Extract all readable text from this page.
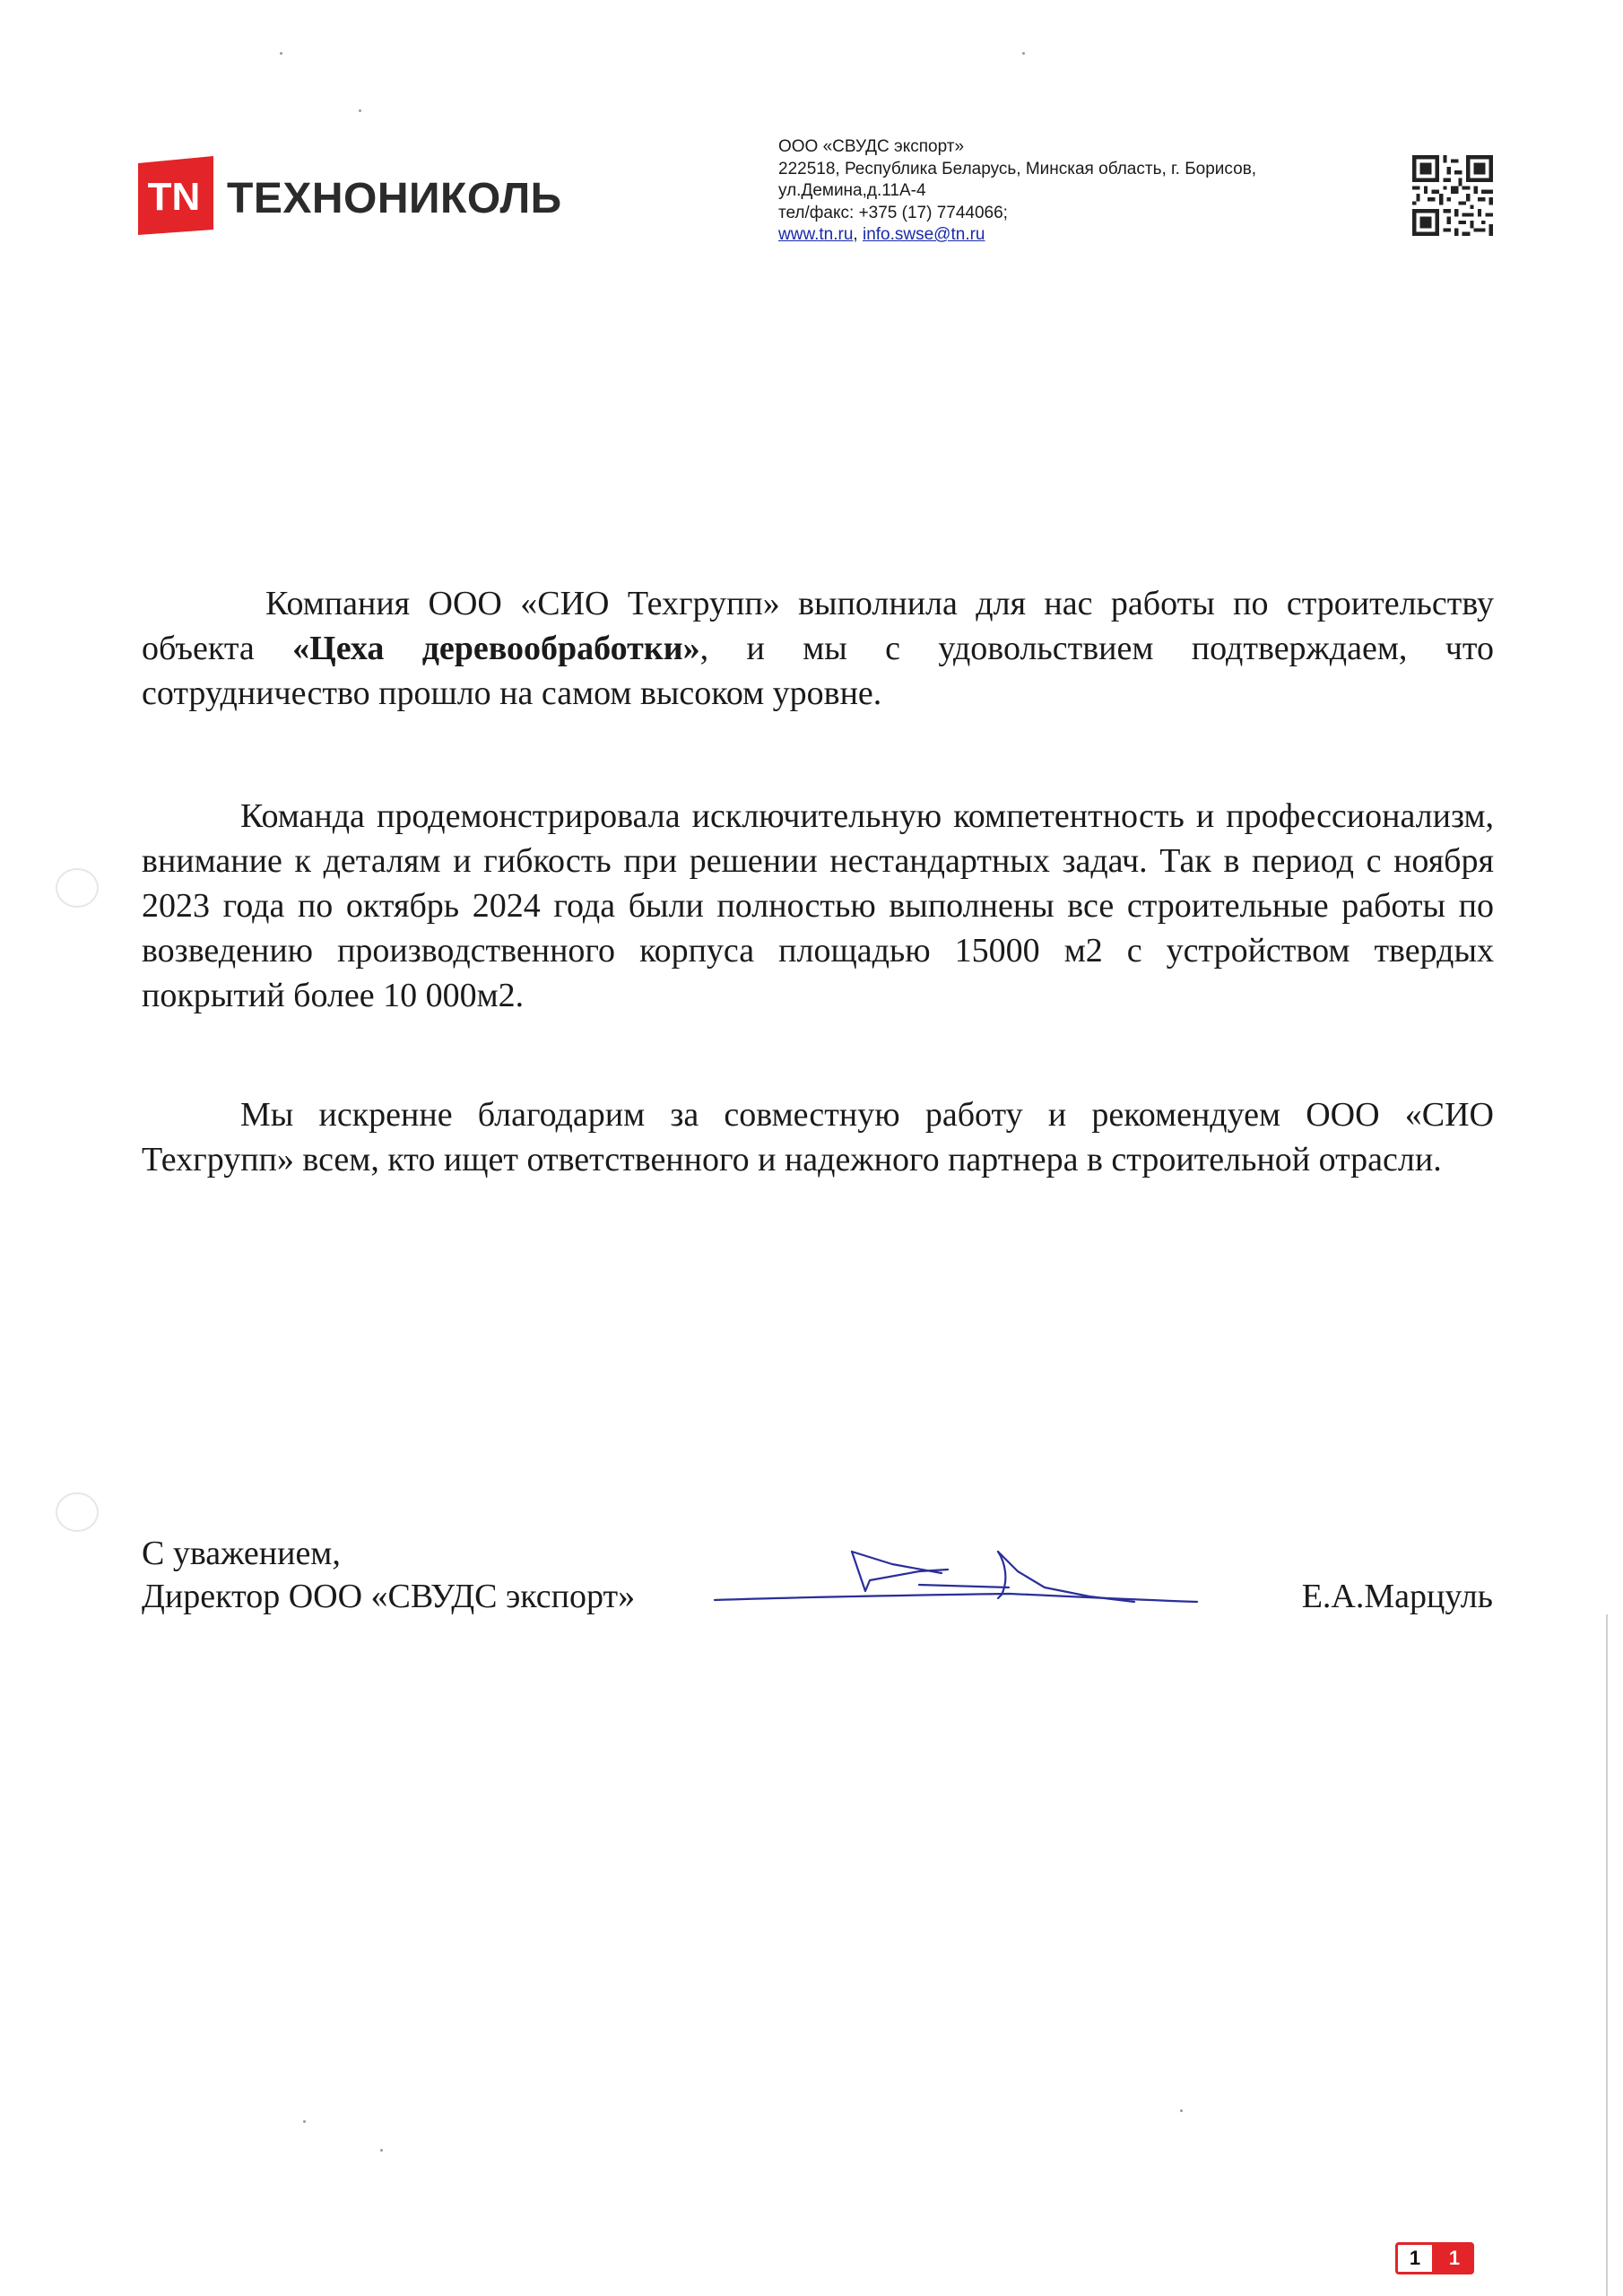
TN ТЕХНОНИКОЛЬ
ООО «СВУДС экспорт»
222518, Республика Беларусь, Минская область, г. Борисов,
ул.Демина,д.11А-4
тел/факс: +375 (17) 7744066;
www.tn.ru, info.swse@tn.ru

Компания ООО «СИО Техгрупп» выполнила для нас работы по строительству объекта «Цеха деревообработки», и мы с удовольствием подтверждаем, что сотрудничество прошло на самом высоком уровне.

Команда продемонстрировала исключительную компетентность и профессионализм, внимание к деталям и гибкость при решении нестандартных задач. Так в период с ноября 2023 года по октябрь 2024 года были полностью выполнены все строительные работы по возведению производственного корпуса площадью 15000 м2 с устройством твердых покрытий более 10 000м2.

Мы искренне благодарим за совместную работу и рекомендуем ООО «СИО Техгрупп» всем, кто ищет ответственного и надежного партнера в строительной отрасли.

С уважением,
Директор ООО «СВУДС экспорт»	Е.А.Марцуль
1	1
